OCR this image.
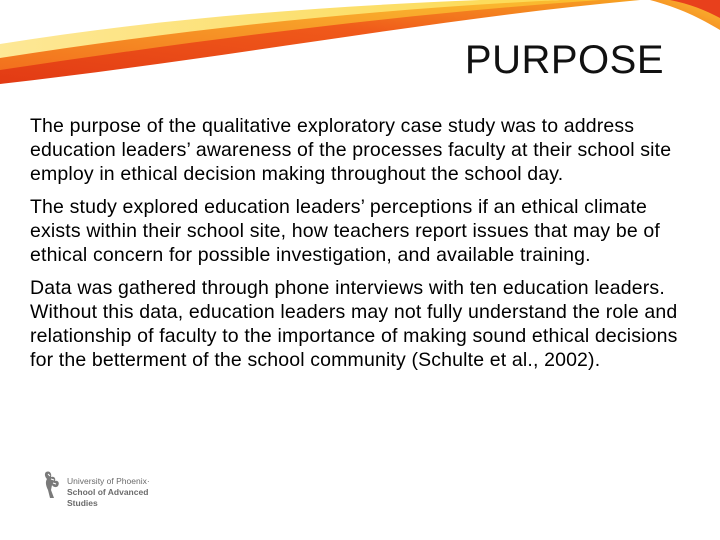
PURPOSE

The purpose of the qualitative exploratory case study was to address education leaders’ awareness of the processes faculty at their school site employ in ethical decision making throughout the school day.

The study explored education leaders’ perceptions if an ethical climate exists within their school site, how teachers report issues that may be of ethical concern for possible investigation, and available training.

Data was gathered through phone interviews with ten education leaders. Without this data, education leaders may not fully understand the role and relationship of faculty to the importance of making sound ethical decisions for the betterment of the school community (Schulte et al., 2002).

University of Phoenix·
School of Advanced
Studies
